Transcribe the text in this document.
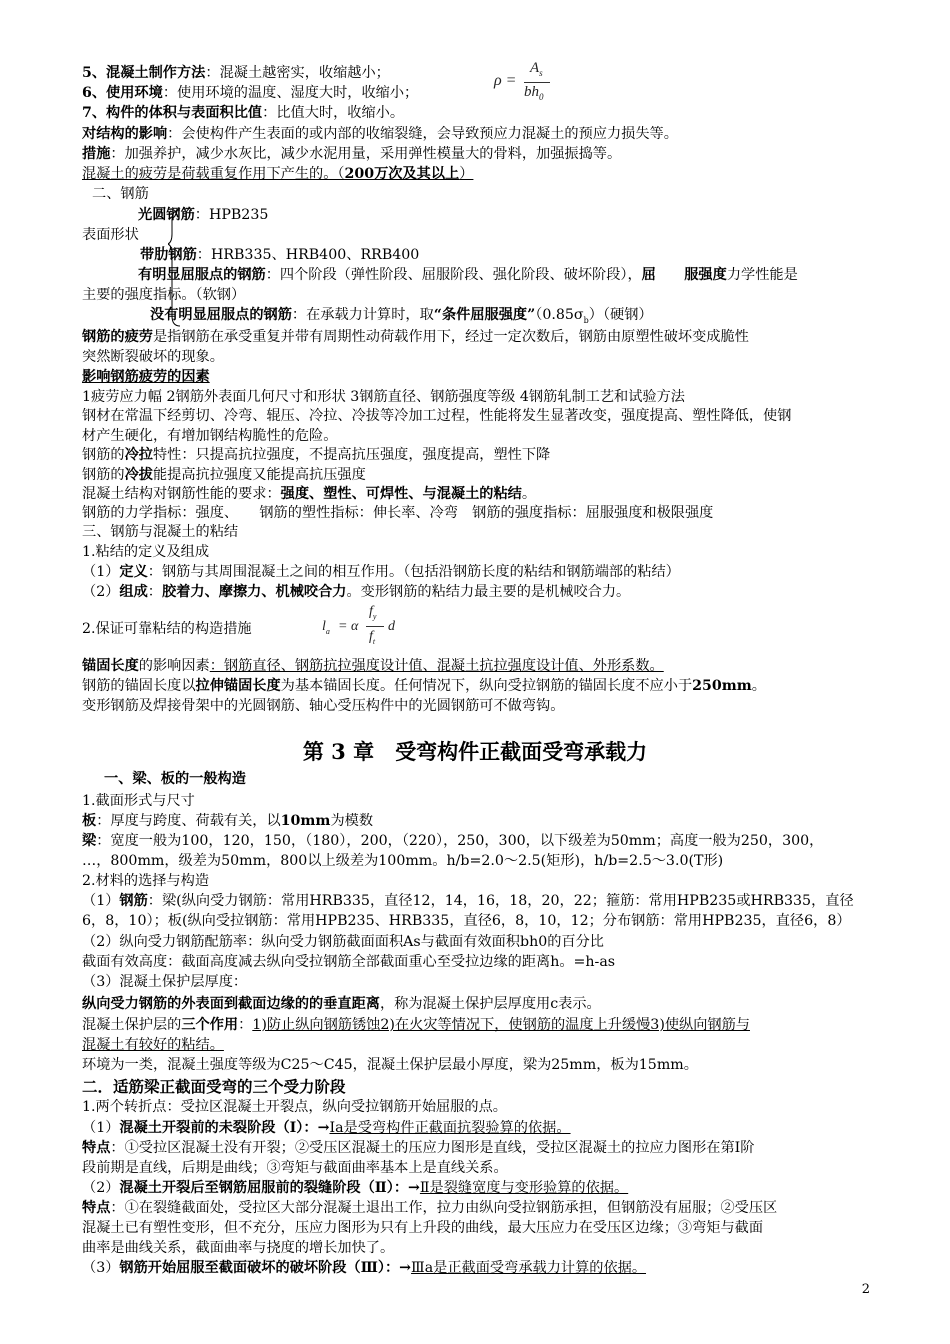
5、混凝土制作方法：混凝土越密实，收缩越小；
6、使用环境：使用环境的温度、湿度大时，收缩小；
7、构件的体积与表面积比值：比值大时，收缩小。
ρ =
$A_s$
$bh_0$
对结构的影响：会使构件产生表面的或内部的收缩裂缝，会导致预应力混凝土的预应力损失等。
措施：加强养护，减少水灰比，减少水泥用量，采用弹性模量大的骨料，加强振捣等。
混凝土的疲劳是荷载重复作用下产生的。（200万次及其以上）
二、钢筋
光圆钢筋：HPB235
表面形状
带肋钢筋：HRB335、HRB400、RRB400
有明显屈服点的钢筋：四个阶段（弹性阶段、屈服阶段、强化阶段、破坏阶段），屈　　服强度力学性能是
主要的强度指标。（软钢）
没有明显屈服点的钢筋：在承载力计算时，取“条件屈服强度$”(0.85\sigma_b)$（硬钢）
钢筋的疲劳是指钢筋在承受重复并带有周期性动荷载作用下，经过一定次数后，钢筋由原塑性破坏变成脆性
突然断裂破坏的现象。
影响钢筋疲劳的因素
1疲劳应力幅 2钢筋外表面几何尺寸和形状 3钢筋直径、钢筋强度等级 4钢筋轧制工艺和试验方法
钢材在常温下经剪切、冷弯、辊压、冷拉、冷拔等冷加工过程，性能将发生显著改变，强度提高、塑性降低，使钢
材产生硬化，有增加钢结构脆性的危险。
钢筋的冷拉特性：只提高抗拉强度，不提高抗压强度，强度提高，塑性下降
钢筋的冷拔能提高抗拉强度又能提高抗压强度
混凝土结构对钢筋性能的要求：强度、塑性、可焊性、与混凝土的粘结。
钢筋的力学指标：强度、　　钢筋的塑性指标：伸长率、冷弯　钢筋的强度指标：屈服强度和极限强度
三、钢筋与混凝土的粘结
1.粘结的定义及组成
（1）定义：钢筋与其周围混凝土之间的相互作用。（包括沿钢筋长度的粘结和钢筋端部的粘结）
（2）组成：胶着力、摩擦力、机械咬合力。变形钢筋的粘结力最主要的是机械咬合力。
2.保证可靠粘结的构造措施	$l_a = \alpha$
$f_y$
$f_t$
d
锚固长度的影响因素：钢筋直径、钢筋抗拉强度设计值、混凝土抗拉强度设计值、外形系数。
钢筋的锚固长度以拉伸锚固长度为基本锚固长度。任何情况下，纵向受拉钢筋的锚固长度不应小于250mm。
变形钢筋及焊接骨架中的光圆钢筋、轴心受压构件中的光圆钢筋可不做弯钩。
第 3 章　受弯构件正截面受弯承载力
一、梁、板的一般构造
1.截面形式与尺寸
板：厚度与跨度、荷载有关，以10mm为模数
梁：宽度一般为100，120，150，（180），200，（220），250，300，以下级差为50mm；高度一般为250，300，
…，800mm，级差为50mm，800以上级差为100mm。h/b=2.0～2.5(矩形)，h/b=2.5～3.0(T形)
2.材料的选择与构造
（1）钢筋：梁(纵向受力钢筋：常用HRB335，直径12，14，16，18，20，22；箍筋：常用HPB235或HRB335，直径
6，8，10）；板(纵向受拉钢筋：常用HPB235、HRB335，直径6，8，10，12；分布钢筋：常用HPB235，直径6，8）
（2）纵向受力钢筋配筋率：纵向受力钢筋截面面积As与截面有效面积bh0的百分比
截面有效高度：截面高度减去纵向受拉钢筋全部截面重心至受拉边缘的距离h。=h-as
（3）混凝土保护层厚度：
纵向受力钢筋的外表面到截面边缘的的垂直距离，称为混凝土保护层厚度用c表示。
混凝土保护层的三个作用：1)防止纵向钢筋锈蚀2)在火灾等情况下，使钢筋的温度上升缓慢3)使纵向钢筋与
混凝土有较好的粘结。
环境为一类，混凝土强度等级为C25～C45，混凝土保护层最小厚度，梁为25mm，板为15mm。
二．适筋梁正截面受弯的三个受力阶段
1.两个转折点：受拉区混凝土开裂点，纵向受拉钢筋开始屈服的点。
（1）混凝土开裂前的未裂阶段（Ⅰ）：→Ⅰa是受弯构件正截面抗裂验算的依据。
特点：①受拉区混凝土没有开裂；②受压区混凝土的压应力图形是直线，受拉区混凝土的拉应力图形在第Ⅰ阶
段前期是直线，后期是曲线；③弯矩与截面曲率基本上是直线关系。
（2）混凝土开裂后至钢筋屈服前的裂缝阶段（Ⅱ）：→Ⅱ是裂缝宽度与变形验算的依据。
特点：①在裂缝截面处，受拉区大部分混凝土退出工作，拉力由纵向受拉钢筋承担，但钢筋没有屈服；②受压区
混凝土已有塑性变形，但不充分，压应力图形为只有上升段的曲线，最大压应力在受压区边缘；③弯矩与截面
曲率是曲线关系，截面曲率与挠度的增长加快了。
（3）钢筋开始屈服至截面破坏的破坏阶段（Ⅲ）：→Ⅲa是正截面受弯承载力计算的依据。
2
